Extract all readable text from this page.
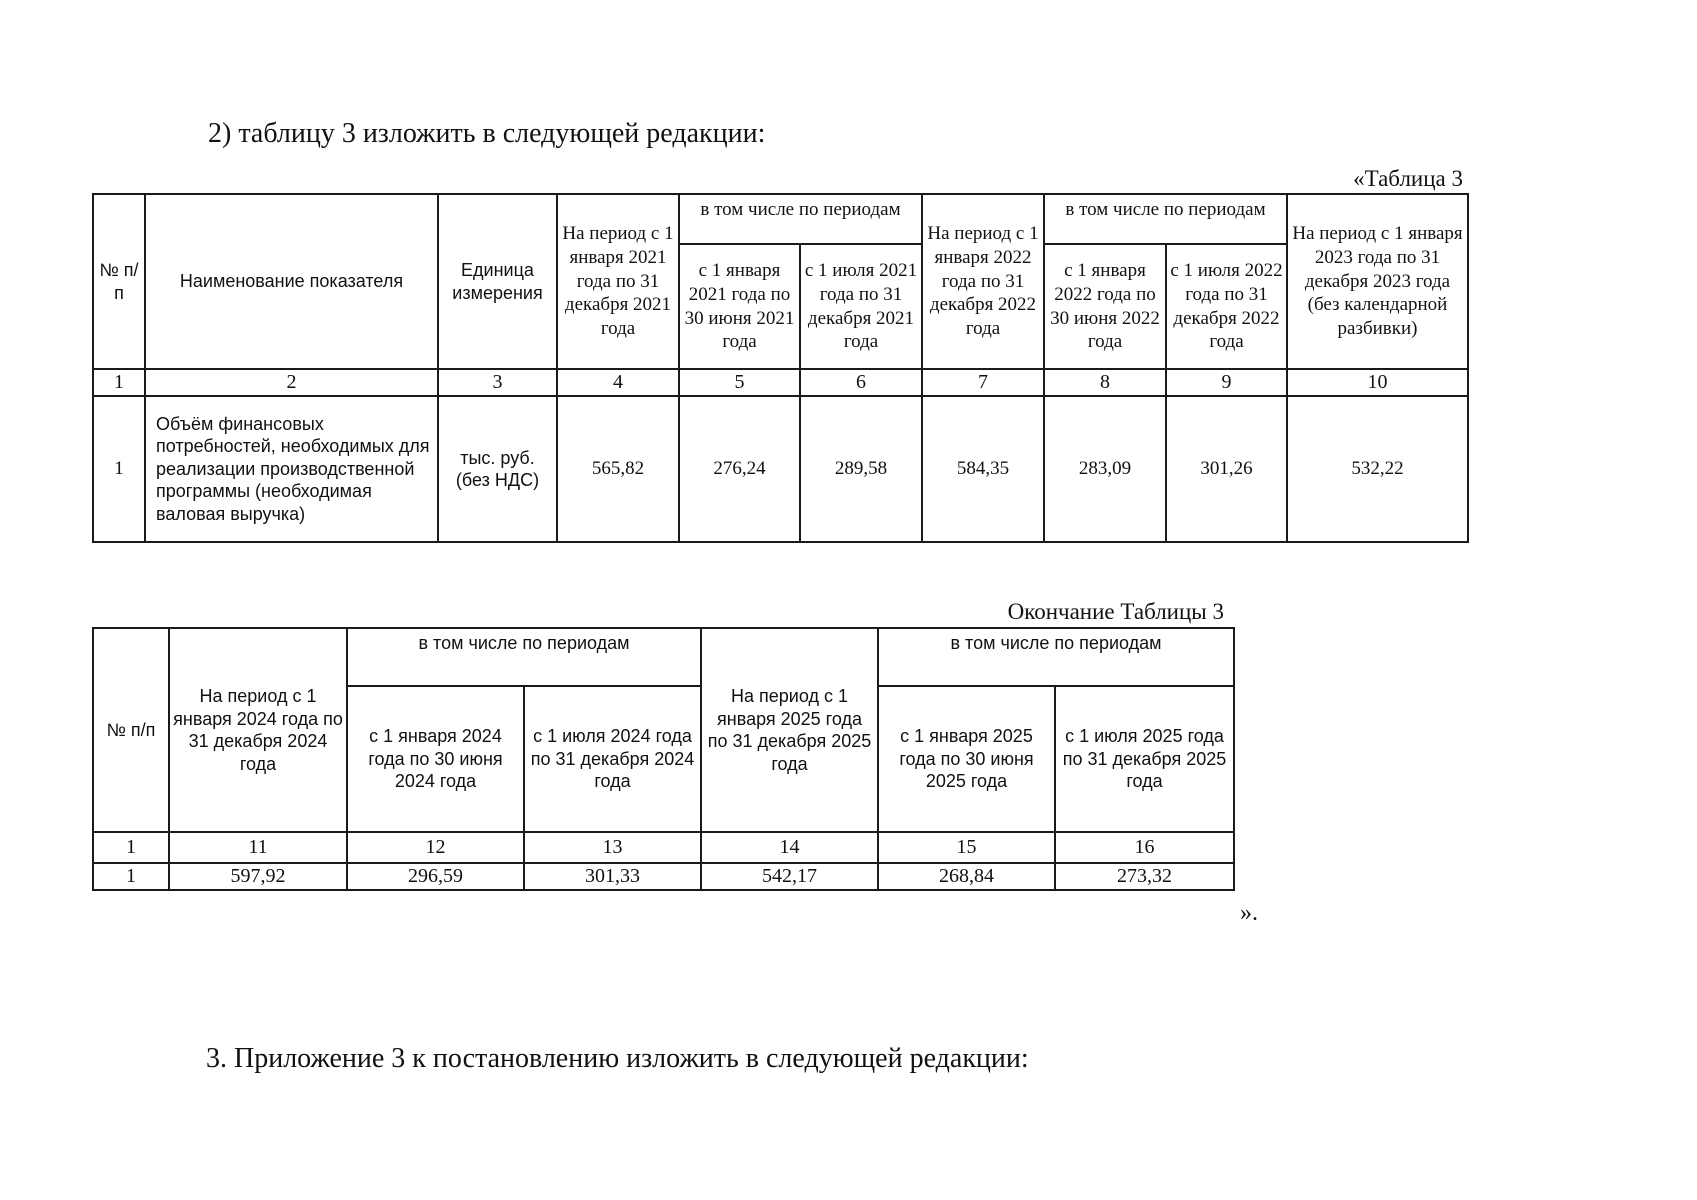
2) таблицу 3 изложить в следующей редакции:
«Таблица 3
№ п/п	Наименование показателя	Единица измерения	На период с 1 января 2021 года по 31 декабря 2021 года	в том числе по периодам		На период с 1 января 2022 года по 31 декабря 2022 года	в том числе по периодам		На период с 1 января 2023 года по 31 декабря 2023 года (без календарной разбивки)
				с 1 января 2021 года по 30 июня 2021 года	с 1 июля 2021 года по 31 декабря 2021 года		с 1 января 2022 года по 30 июня 2022 года	с 1 июля 2022 года по 31 декабря 2022 года	
1	2	3	4	5	6	7	8	9	10
1	Объём финансовых потребностей, необходимых для реализации производственной программы (необходимая валовая выручка)	тыс. руб. (без НДС)	565,82	276,24	289,58	584,35	283,09	301,26	532,22
Окончание Таблицы 3
№ п/п	На период с 1 января 2024 года по 31 декабря 2024 года	в том числе по периодам		На период с 1 января 2025 года по 31 декабря 2025 года	в том числе по периодам	
		с 1 января 2024 года по 30 июня 2024 года	с 1 июля 2024 года по 31 декабря 2024 года		с 1 января 2025 года по 30 июня 2025 года	с 1 июля 2025 года по 31 декабря 2025 года
1	11	12	13	14	15	16
1	597,92	296,59	301,33	542,17	268,84	273,32
».
3. Приложение 3 к постановлению изложить в следующей редакции:
